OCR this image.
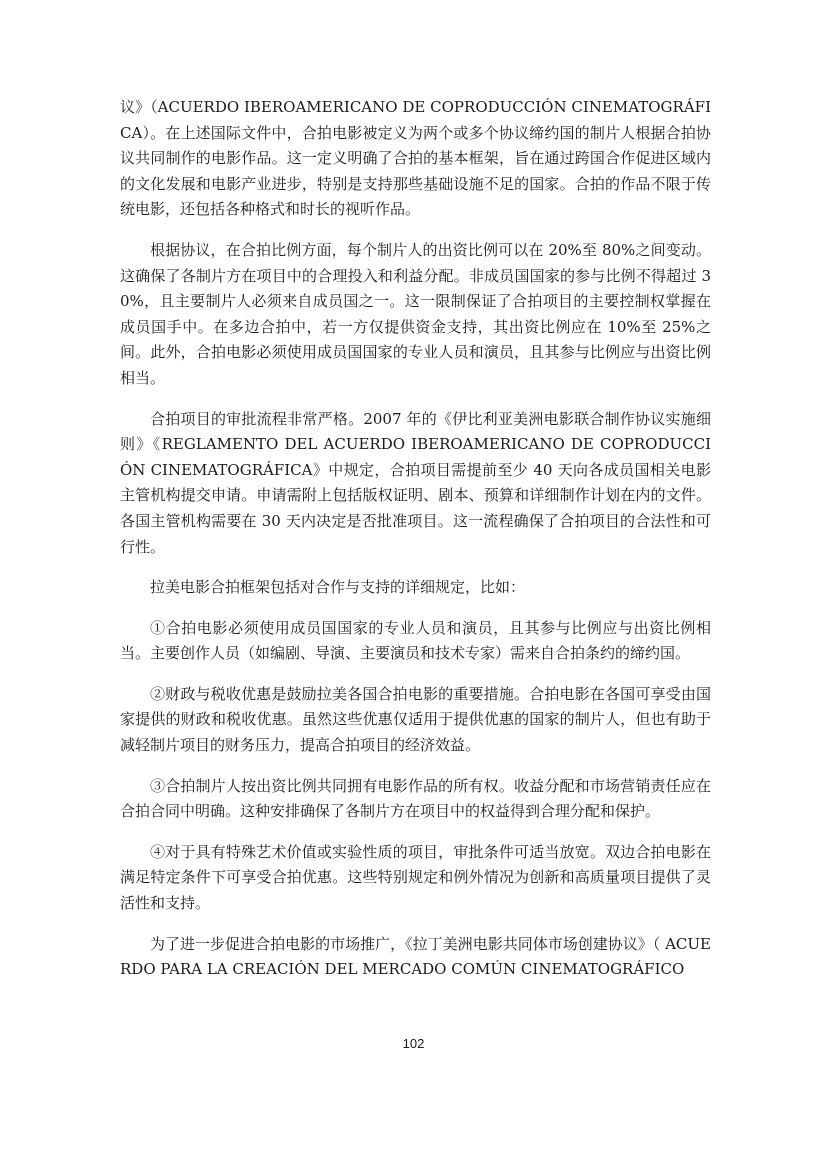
议》（ACUERDO IBEROAMERICANO DE COPRODUCCIÓN CINEMATOGRÁFICA）。在上述国际文件中，合拍电影被定义为两个或多个协议缔约国的制片人根据合拍协议共同制作的电影作品。这一定义明确了合拍的基本框架，旨在通过跨国合作促进区域内的文化发展和电影产业进步，特别是支持那些基础设施不足的国家。合拍的作品不限于传统电影，还包括各种格式和时长的视听作品。

根据协议，在合拍比例方面，每个制片人的出资比例可以在 20%至 80%之间变动。这确保了各制片方在项目中的合理投入和利益分配。非成员国国家的参与比例不得超过 30%，且主要制片人必须来自成员国之一。这一限制保证了合拍项目的主要控制权掌握在成员国手中。在多边合拍中，若一方仅提供资金支持，其出资比例应在 10%至 25%之间。此外，合拍电影必须使用成员国国家的专业人员和演员，且其参与比例应与出资比例相当。

合拍项目的审批流程非常严格。2007 年的《伊比利亚美洲电影联合制作协议实施细则》《REGLAMENTO DEL ACUERDO IBEROAMERICANO DE COPRODUCCIÓN CINEMATOGRÁFICA》中规定，合拍项目需提前至少 40 天向各成员国相关电影主管机构提交申请。申请需附上包括版权证明、剧本、预算和详细制作计划在内的文件。各国主管机构需要在 30 天内决定是否批准项目。这一流程确保了合拍项目的合法性和可行性。

拉美电影合拍框架包括对合作与支持的详细规定，比如：

①合拍电影必须使用成员国国家的专业人员和演员，且其参与比例应与出资比例相当。主要创作人员（如编剧、导演、主要演员和技术专家）需来自合拍条约的缔约国。

②财政与税收优惠是鼓励拉美各国合拍电影的重要措施。合拍电影在各国可享受由国家提供的财政和税收优惠。虽然这些优惠仅适用于提供优惠的国家的制片人，但也有助于减轻制片项目的财务压力，提高合拍项目的经济效益。

③合拍制片人按出资比例共同拥有电影作品的所有权。收益分配和市场营销责任应在合拍合同中明确。这种安排确保了各制片方在项目中的权益得到合理分配和保护。

④对于具有特殊艺术价值或实验性质的项目，审批条件可适当放宽。双边合拍电影在满足特定条件下可享受合拍优惠。这些特别规定和例外情况为创新和高质量项目提供了灵活性和支持。

为了进一步促进合拍电影的市场推广，《拉丁美洲电影共同体市场创建协议》（ ACUERDO PARA LA CREACIÓN DEL MERCADO COMÚN CINEMATOGRÁFICO

102
